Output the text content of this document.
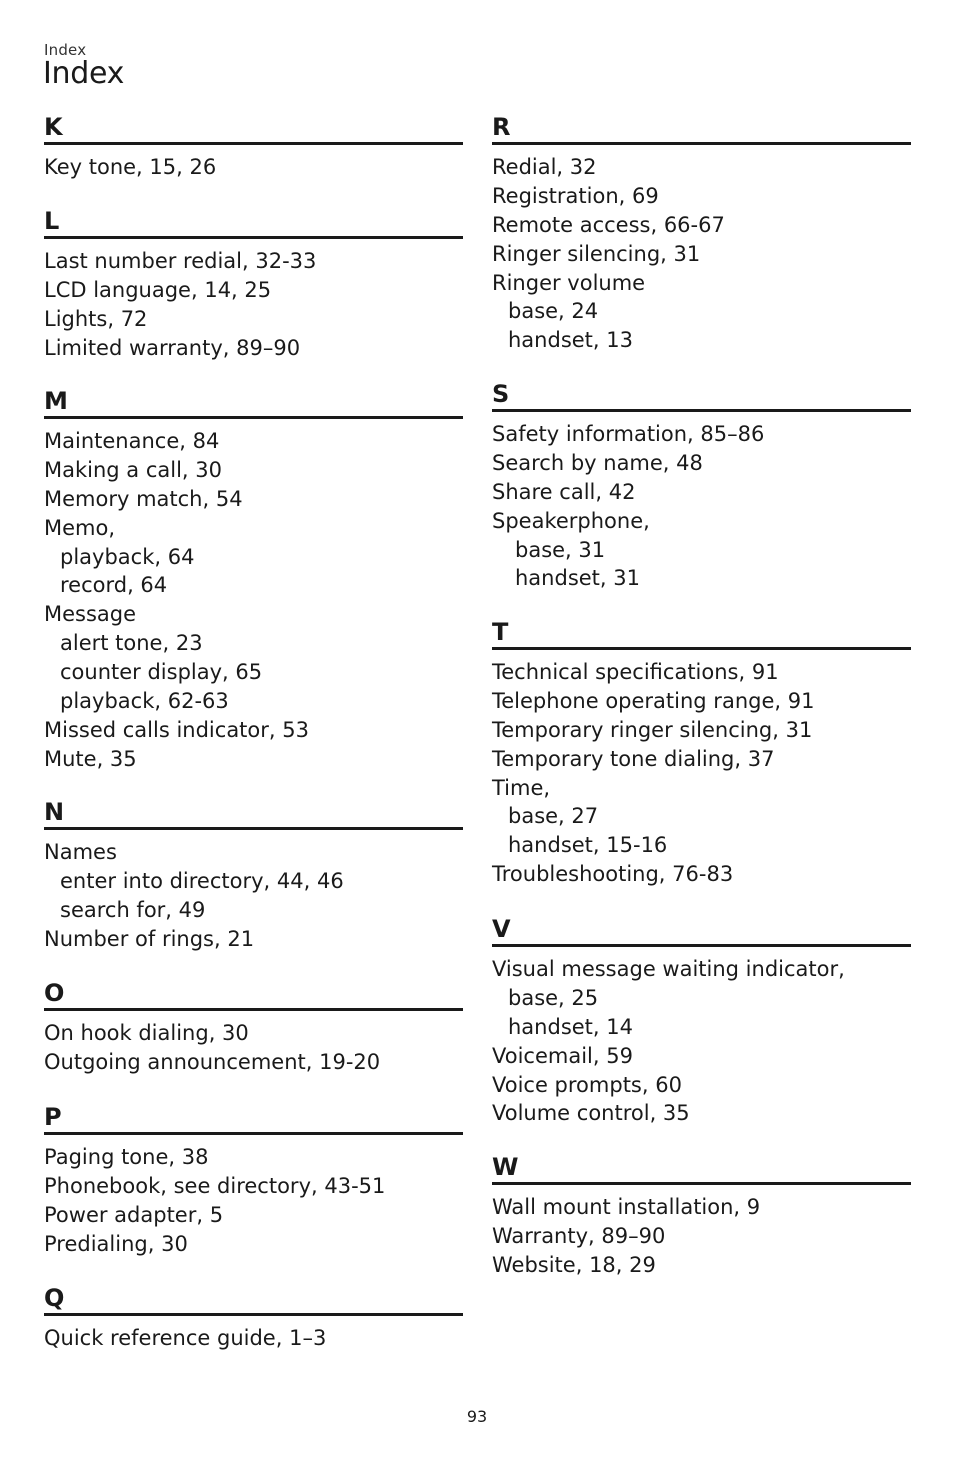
Index
Index
K
Key tone, 15, 26
L
Last number redial, 32-33
LCD language, 14, 25
Lights, 72
Limited warranty, 89–90
M
Maintenance, 84
Making a call, 30
Memory match, 54
Memo,
playback, 64
record, 64
Message
alert tone, 23
counter display, 65
playback, 62-63
Missed calls indicator, 53
Mute, 35
N
Names
enter into directory, 44, 46
search for, 49
Number of rings, 21
O
On hook dialing, 30
Outgoing announcement, 19-20
P
Paging tone, 38
Phonebook, see directory, 43-51
Power adapter, 5
Predialing, 30
Q
Quick reference guide, 1–3
R
Redial, 32
Registration, 69
Remote access, 66-67
Ringer silencing, 31
Ringer volume
base, 24
handset, 13
S
Safety information, 85–86
Search by name, 48
Share call, 42
Speakerphone,
base, 31
handset, 31
T
Technical specifications, 91
Telephone operating range, 91
Temporary ringer silencing, 31
Temporary tone dialing, 37
Time,
base, 27
handset, 15-16
Troubleshooting, 76-83
V
Visual message waiting indicator,
base, 25
handset, 14
Voicemail, 59
Voice prompts, 60
Volume control, 35
W
Wall mount installation, 9
Warranty, 89–90
Website, 18, 29
93
